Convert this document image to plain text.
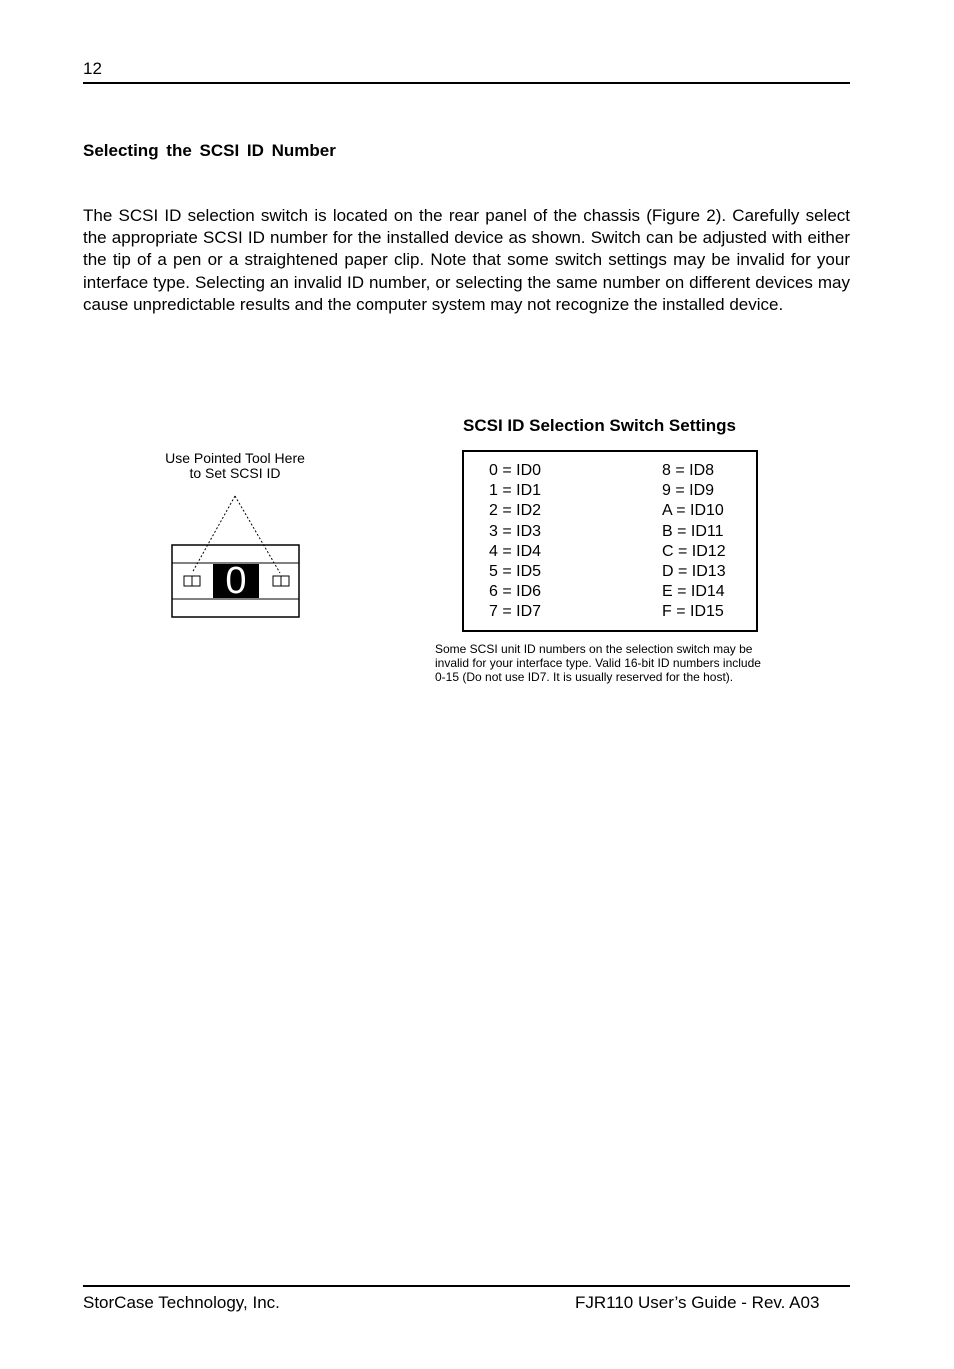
12
Selecting the SCSI ID Number

The SCSI ID selection switch is located on the rear panel of the chassis (Figure 2). Carefully select the appropriate SCSI ID number for the installed device as shown. Switch can be adjusted with either the tip of a pen or a straightened paper clip. Note that some switch settings may be invalid for your interface type. Selecting an invalid ID number, or selecting the same number on different devices may cause unpredictable results and the computer system may not recognize the installed device.

Use Pointed Tool Here
to Set SCSI ID
0
SCSI ID Selection Switch Settings
0 = ID0
1 = ID1
2 = ID2
3 = ID3
4 = ID4
5 = ID5
6 = ID6
7 = ID7
8 = ID8
9 = ID9
A = ID10
B = ID11
C = ID12
D = ID13
E = ID14
F = ID15
Some SCSI unit ID numbers on the selection switch may be
invalid for your interface type. Valid 16-bit ID numbers include
0-15 (Do not use ID7. It is usually reserved for the host).
StorCase Technology, Inc.	FJR110 User’s Guide - Rev. A03
